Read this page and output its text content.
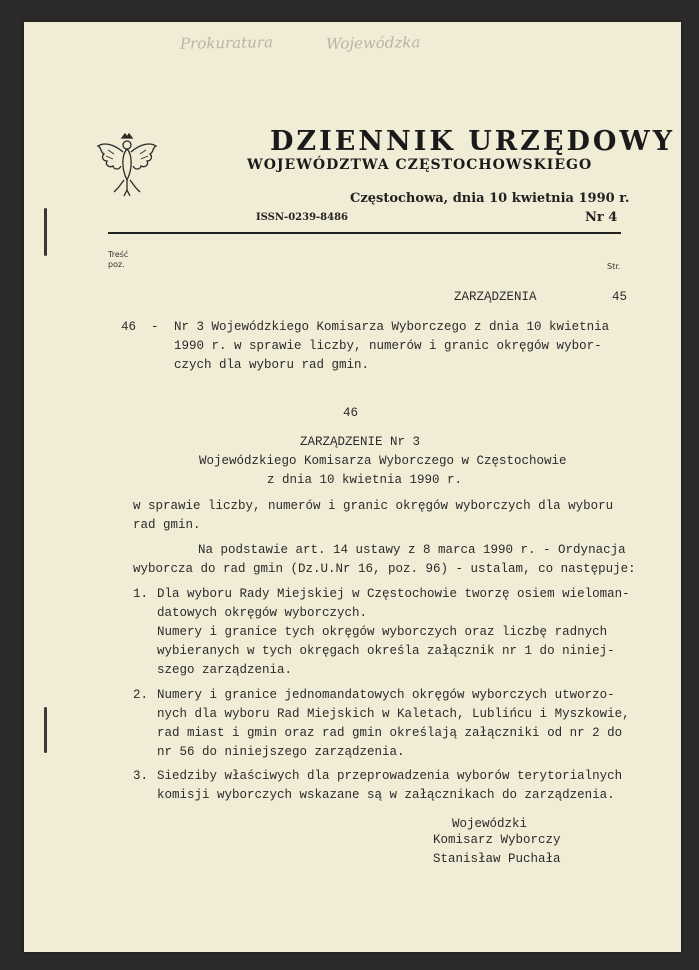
Prokuratura	Wojewódzka
DZIENNIK URZĘDOWY
WOJEWÓDZTWA CZĘSTOCHOWSKIEGO
Częstochowa, dnia 10 kwietnia 1990 r.
ISSN-0239-8486	Nr 4
Treść
poz.	Str.
ZARZĄDZENIA	45
46 - Nr 3 Wojewódzkiego Komisarza Wyborczego z dnia 10 kwietnia
1990 r. w sprawie liczby, numerów i granic okręgów wybor-
czych dla wyboru rad gmin.
46
ZARZĄDZENIE Nr 3
Wojewódzkiego Komisarza Wyborczego w Częstochowie
z dnia 10 kwietnia 1990 r.
w sprawie liczby, numerów i granic okręgów wyborczych dla wyboru
rad gmin.
Na podstawie art. 14 ustawy z 8 marca 1990 r. - Ordynacja
wyborcza do rad gmin (Dz.U.Nr 16, poz. 96) - ustalam, co następuje:
1. Dla wyboru Rady Miejskiej w Częstochowie tworzę osiem wieloman-
datowych okręgów wyborczych.
Numery i granice tych okręgów wyborczych oraz liczbę radnych
wybieranych w tych okręgach określa załącznik nr 1 do niniej-
szego zarządzenia.
2. Numery i granice jednomandatowych okręgów wyborczych utworzo-
nych dla wyboru Rad Miejskich w Kaletach, Lublińcu i Myszkowie,
rad miast i gmin oraz rad gmin określają załączniki od nr 2 do
nr 56 do niniejszego zarządzenia.
3. Siedziby właściwych dla przeprowadzenia wyborów terytorialnych
komisji wyborczych wskazane są w załącznikach do zarządzenia.
Wojewódzki
Komisarz Wyborczy
Stanisław Puchała
